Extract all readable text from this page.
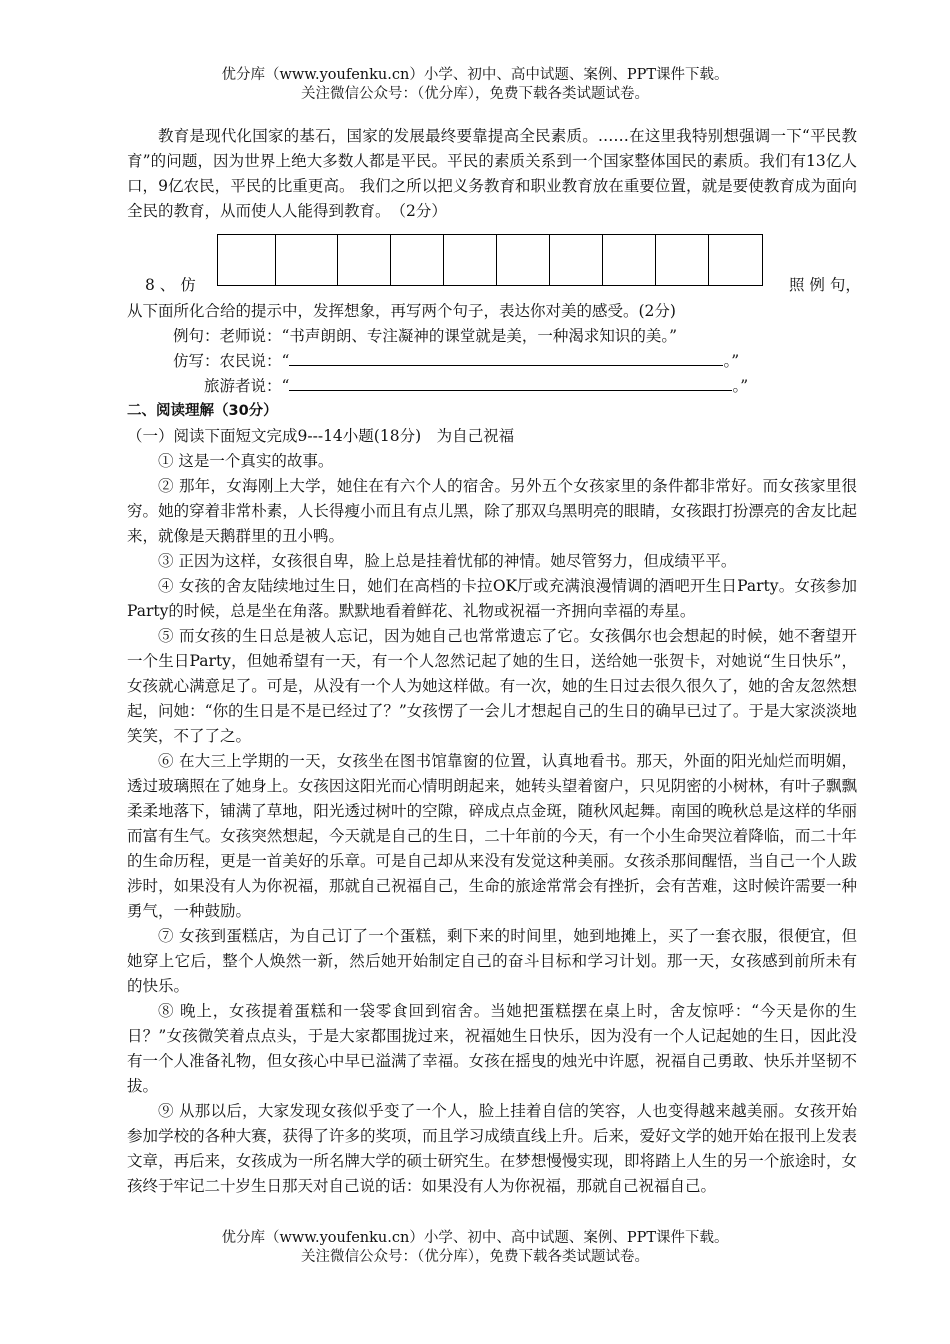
优分库（www.youfenku.cn）小学、初中、高中试题、案例、PPT课件下载。
关注微信公众号：（优分库），免费下载各类试题试卷。

教育是现代化国家的基石，国家的发展最终要靠提高全民素质。……在这里我特别想强调一下“平民教育”的问题，因为世界上绝大多数人都是平民。平民的素质关系到一个国家整体国民的素质。我们有13亿人口，9亿农民，平民的比重更高。 我们之所以把义务教育和职业教育放在重要位置，就是要使教育成为面向全民的教育，从而使人人能得到教育。　（2分）

8 、 仿	照 例 句，
从下面所化合给的提示中，发挥想象，再写两个句子，表达你对美的感受。(2分)
例句：老师说：“书声朗朗、专注凝神的课堂就是美，一种渴求知识的美。”
仿写：农民说：“	。”
旅游者说：“	。”
二、阅读理解（30分）
（一）阅读下面短文完成9---14小题(18分)　为自己祝福

① 这是一个真实的故事。

② 那年，女海刚上大学，她住在有六个人的宿舍。另外五个女孩家里的条件都非常好。而女孩家里很穷。她的穿着非常朴素，人长得瘦小而且有点儿黑，除了那双乌黑明亮的眼睛，女孩跟打扮漂亮的舍友比起来，就像是天鹅群里的丑小鸭。

③ 正因为这样，女孩很自卑，脸上总是挂着忧郁的神情。她尽管努力，但成绩平平。

④ 女孩的舍友陆续地过生日，她们在高档的卡拉OK厅或充满浪漫情调的酒吧开生日Party。女孩参加Party的时候，总是坐在角落。默默地看着鲜花、礼物或祝福一齐拥向幸福的寿星。

⑤ 而女孩的生日总是被人忘记，因为她自己也常常遗忘了它。女孩偶尔也会想起的时候，她不奢望开一个生日Party，但她希望有一天，有一个人忽然记起了她的生日，送给她一张贺卡，对她说“生日快乐”，女孩就心满意足了。可是，从没有一个人为她这样做。有一次，她的生日过去很久很久了，她的舍友忽然想起，问她：“你的生日是不是已经过了？”女孩愣了一会儿才想起自己的生日的确早已过了。于是大家淡淡地笑笑，不了了之。

⑥ 在大三上学期的一天，女孩坐在图书馆靠窗的位置，认真地看书。那天，外面的阳光灿烂而明媚，透过玻璃照在了她身上。女孩因这阳光而心情明朗起来，她转头望着窗户，只见阴密的小树林，有叶子飘飘柔柔地落下，铺满了草地，阳光透过树叶的空隙，碎成点点金斑，随秋风起舞。南国的晚秋总是这样的华丽而富有生气。女孩突然想起，今天就是自己的生日，二十年前的今天，有一个小生命哭泣着降临，而二十年的生命历程，更是一首美好的乐章。可是自己却从来没有发觉这种美丽。女孩杀那间醒悟，当自己一个人跋涉时，如果没有人为你祝福，那就自己祝福自己，生命的旅途常常会有挫折，会有苦难，这时候许需要一种勇气，一种鼓励。

⑦ 女孩到蛋糕店，为自己订了一个蛋糕，剩下来的时间里，她到地摊上，买了一套衣服，很便宜，但她穿上它后，整个人焕然一新，然后她开始制定自己的奋斗目标和学习计划。那一天，女孩感到前所未有 的快乐。

⑧ 晚上，女孩提着蛋糕和一袋零食回到宿舍。当她把蛋糕摆在桌上时，舍友惊呼：“今天是你的生日？”女孩微笑着点点头，于是大家都围拢过来，祝福她生日快乐，因为没有一个人记起她的生日，因此没有一个人准备礼物，但女孩心中早已溢满了幸福。女孩在摇曳的烛光中许愿，祝福自己勇敢、快乐并坚韧不拔。

⑨ 从那以后，大家发现女孩似乎变了一个人，脸上挂着自信的笑容，人也变得越来越美丽。女孩开始参加学校的各种大赛，获得了许多的奖项，而且学习成绩直线上升。后来，爱好文学的她开始在报刊上发表文章，再后来，女孩成为一所名牌大学的硕士研究生。在梦想慢慢实现，即将踏上人生的另一个旅途时，女孩终于牢记二十岁生日那天对自己说的话：如果没有人为你祝福，那就自己祝福自己。

优分库（www.youfenku.cn）小学、初中、高中试题、案例、PPT课件下载。
关注微信公众号：（优分库），免费下载各类试题试卷。
